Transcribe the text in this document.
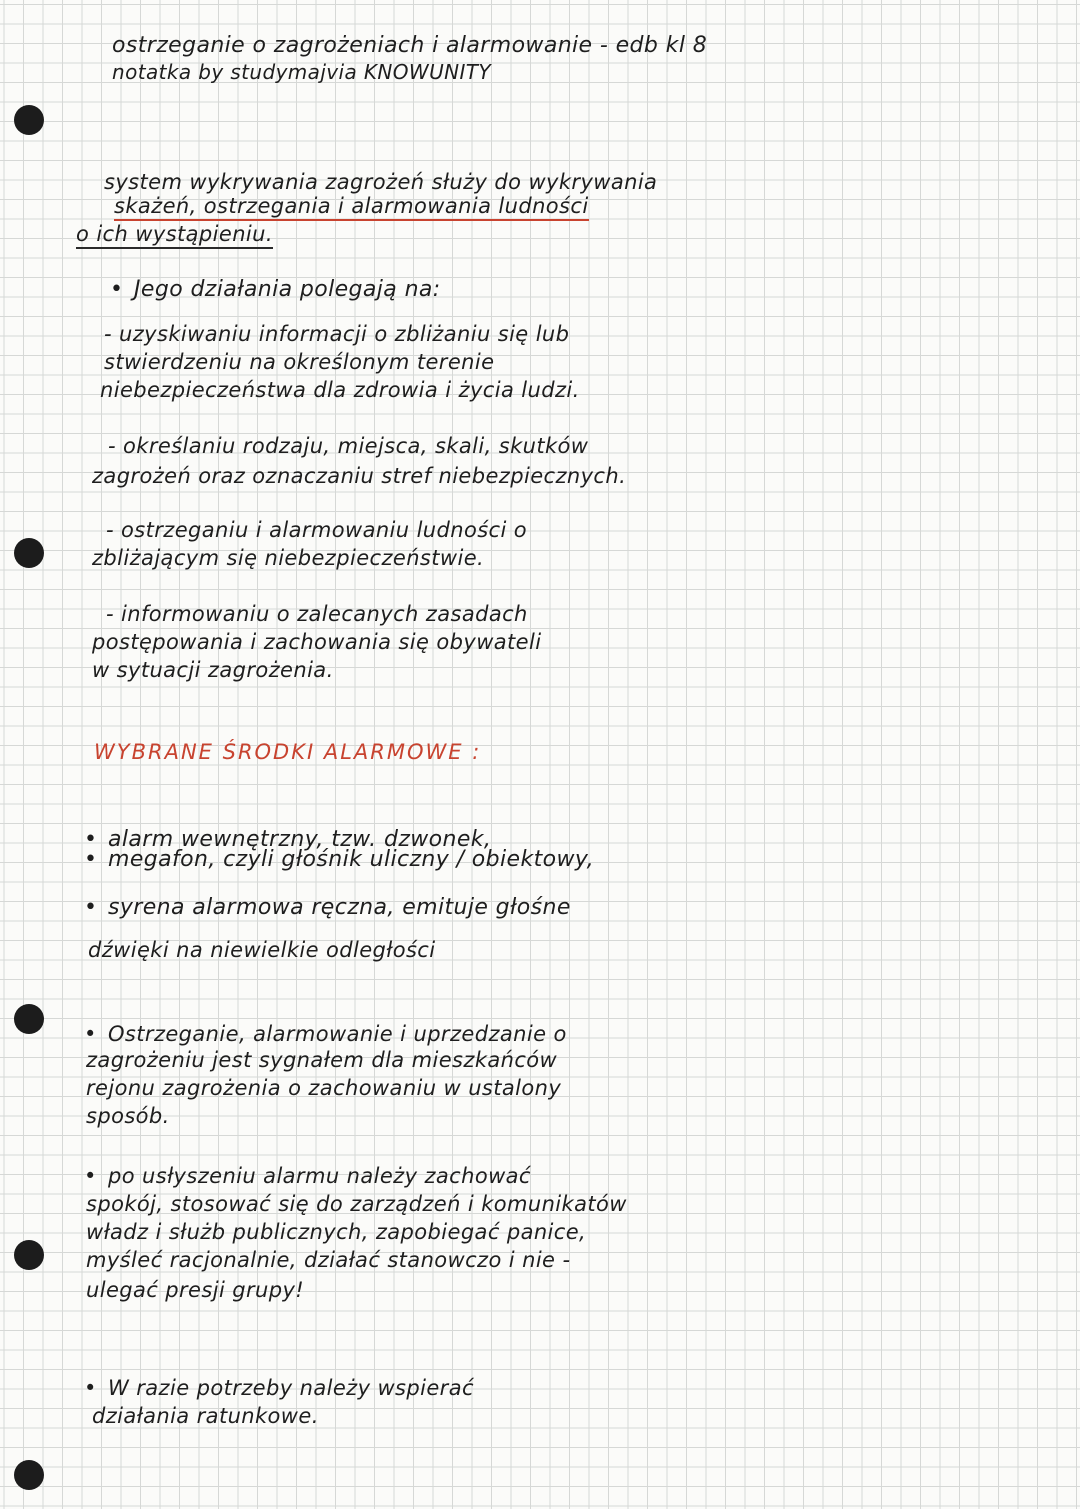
ostrzeganie o zagrożeniach i alarmowanie - edb kl 8
notatka by studymajvia KNOWUNITY
system wykrywania zagrożeń służy do wykrywania
skażeń, ostrzegania i alarmowania ludności
o ich wystąpieniu.
• Jego działania polegają na:
- uzyskiwaniu informacji o zbliżaniu się lub
stwierdzeniu na określonym terenie
niebezpieczeństwa dla zdrowia i życia ludzi.
- określaniu rodzaju, miejsca, skali, skutków
zagrożeń oraz oznaczaniu stref niebezpiecznych.
- ostrzeganiu i alarmowaniu ludności o
zbliżającym się niebezpieczeństwie.
- informowaniu o zalecanych zasadach
postępowania i zachowania się obywateli
w sytuacji zagrożenia.
WYBRANE ŚRODKI ALARMOWE :
• alarm wewnętrzny, tzw. dzwonek,
• megafon, czyli głośnik uliczny / obiektowy,
• syrena alarmowa ręczna, emituje głośne
dźwięki na niewielkie odległości
• Ostrzeganie, alarmowanie i uprzedzanie o
zagrożeniu jest sygnałem dla mieszkańców
rejonu zagrożenia o zachowaniu w ustalony
sposób.
• po usłyszeniu alarmu należy zachować
spokój, stosować się do zarządzeń i komunikatów
władz i służb publicznych, zapobiegać panice,
myśleć racjonalnie, działać stanowczo i nie -
ulegać presji grupy!
• W razie potrzeby należy wspierać
działania ratunkowe.
